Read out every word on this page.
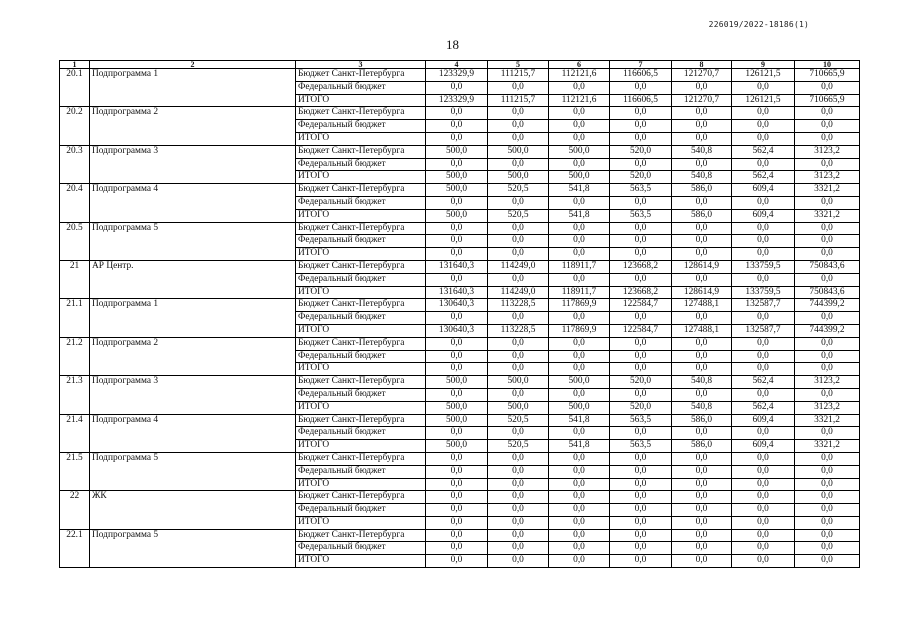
226019/2022-18186(1)
18
1	2	3	4	5	6	7	8	9	10
20.1	Подпрограмма 1	Бюджет Санкт-Петербурга	123329,9	111215,7	112121,6	116606,5	121270,7	126121,5	710665,9
		Федеральный бюджет	0,0	0,0	0,0	0,0	0,0	0,0	0,0
		ИТОГО	123329,9	111215,7	112121,6	116606,5	121270,7	126121,5	710665,9
20.2	Подпрограмма 2	Бюджет Санкт-Петербурга	0,0	0,0	0,0	0,0	0,0	0,0	0,0
		Федеральный бюджет	0,0	0,0	0,0	0,0	0,0	0,0	0,0
		ИТОГО	0,0	0,0	0,0	0,0	0,0	0,0	0,0
20.3	Подпрограмма 3	Бюджет Санкт-Петербурга	500,0	500,0	500,0	520,0	540,8	562,4	3123,2
		Федеральный бюджет	0,0	0,0	0,0	0,0	0,0	0,0	0,0
		ИТОГО	500,0	500,0	500,0	520,0	540,8	562,4	3123,2
20.4	Подпрограмма 4	Бюджет Санкт-Петербурга	500,0	520,5	541,8	563,5	586,0	609,4	3321,2
		Федеральный бюджет	0,0	0,0	0,0	0,0	0,0	0,0	0,0
		ИТОГО	500,0	520,5	541,8	563,5	586,0	609,4	3321,2
20.5	Подпрограмма 5	Бюджет Санкт-Петербурга	0,0	0,0	0,0	0,0	0,0	0,0	0,0
		Федеральный бюджет	0,0	0,0	0,0	0,0	0,0	0,0	0,0
		ИТОГО	0,0	0,0	0,0	0,0	0,0	0,0	0,0
21	АР Центр.	Бюджет Санкт-Петербурга	131640,3	114249,0	118911,7	123668,2	128614,9	133759,5	750843,6
		Федеральный бюджет	0,0	0,0	0,0	0,0	0,0	0,0	0,0
		ИТОГО	131640,3	114249,0	118911,7	123668,2	128614,9	133759,5	750843,6
21.1	Подпрограмма 1	Бюджет Санкт-Петербурга	130640,3	113228,5	117869,9	122584,7	127488,1	132587,7	744399,2
		Федеральный бюджет	0,0	0,0	0,0	0,0	0,0	0,0	0,0
		ИТОГО	130640,3	113228,5	117869,9	122584,7	127488,1	132587,7	744399,2
21.2	Подпрограмма 2	Бюджет Санкт-Петербурга	0,0	0,0	0,0	0,0	0,0	0,0	0,0
		Федеральный бюджет	0,0	0,0	0,0	0,0	0,0	0,0	0,0
		ИТОГО	0,0	0,0	0,0	0,0	0,0	0,0	0,0
21.3	Подпрограмма 3	Бюджет Санкт-Петербурга	500,0	500,0	500,0	520,0	540,8	562,4	3123,2
		Федеральный бюджет	0,0	0,0	0,0	0,0	0,0	0,0	0,0
		ИТОГО	500,0	500,0	500,0	520,0	540,8	562,4	3123,2
21.4	Подпрограмма 4	Бюджет Санкт-Петербурга	500,0	520,5	541,8	563,5	586,0	609,4	3321,2
		Федеральный бюджет	0,0	0,0	0,0	0,0	0,0	0,0	0,0
		ИТОГО	500,0	520,5	541,8	563,5	586,0	609,4	3321,2
21.5	Подпрограмма 5	Бюджет Санкт-Петербурга	0,0	0,0	0,0	0,0	0,0	0,0	0,0
		Федеральный бюджет	0,0	0,0	0,0	0,0	0,0	0,0	0,0
		ИТОГО	0,0	0,0	0,0	0,0	0,0	0,0	0,0
22	ЖК	Бюджет Санкт-Петербурга	0,0	0,0	0,0	0,0	0,0	0,0	0,0
		Федеральный бюджет	0,0	0,0	0,0	0,0	0,0	0,0	0,0
		ИТОГО	0,0	0,0	0,0	0,0	0,0	0,0	0,0
22.1	Подпрограмма 5	Бюджет Санкт-Петербурга	0,0	0,0	0,0	0,0	0,0	0,0	0,0
		Федеральный бюджет	0,0	0,0	0,0	0,0	0,0	0,0	0,0
		ИТОГО	0,0	0,0	0,0	0,0	0,0	0,0	0,0
